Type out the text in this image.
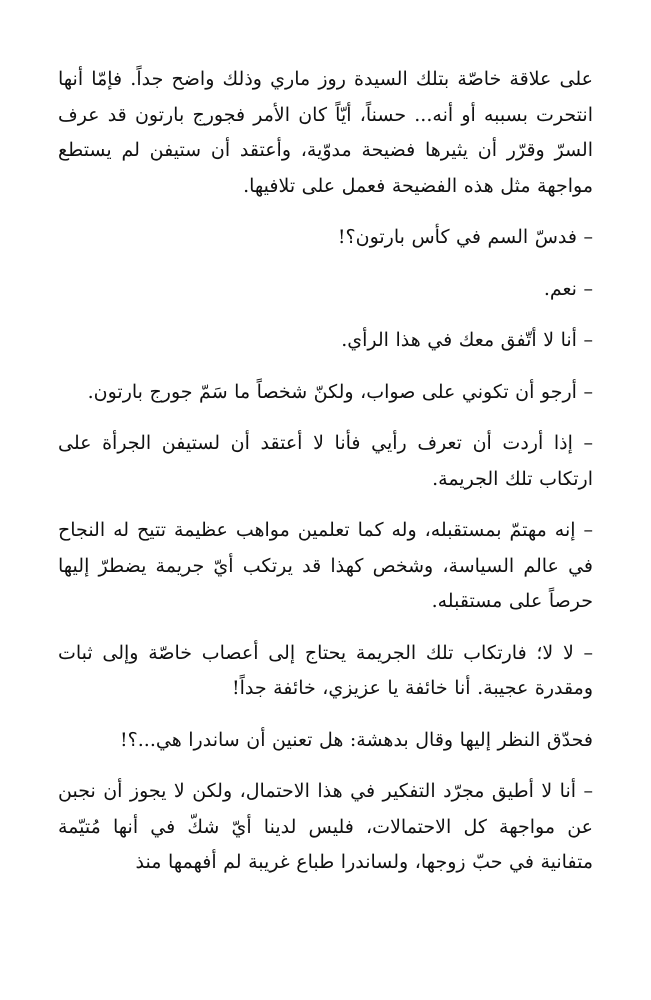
على علاقة خاصّة بتلك السيدة روز ماري وذلك واضح جداً. فإمّا أنها انتحرت بسببه أو أنه... حسناً، أيّاً كان الأمر فجورج بارتون قد عرف السرّ وقرّر أن يثيرها فضيحة مدوّية، وأعتقد أن ستيفن لم يستطع مواجهة مثل هذه الفضيحة فعمل على تلافيها.

– فدسّ السم في كأس بارتون؟!

– نعم.

– أنا لا أتّفق معك في هذا الرأي.

– أرجو أن تكوني على صواب، ولكنّ شخصاً ما سَمّ جورج بارتون.

– إذا أردت أن تعرف رأيي فأنا لا أعتقد أن لستيفن الجرأة على ارتكاب تلك الجريمة.

– إنه مهتمّ بمستقبله، وله كما تعلمين مواهب عظيمة تتيح له النجاح في عالم السياسة، وشخص كهذا قد يرتكب أيّ جريمة يضطرّ إليها حرصاً على مستقبله.

– لا لا؛ فارتكاب تلك الجريمة يحتاج إلى أعصاب خاصّة وإلى ثبات ومقدرة عجيبة. أنا خائفة يا عزيزي، خائفة جداً!

فحدّق النظر إليها وقال بدهشة: هل تعنين أن ساندرا هي...؟!

– أنا لا أطيق مجرّد التفكير في هذا الاحتمال، ولكن لا يجوز أن نجبن عن مواجهة كل الاحتمالات، فليس لدينا أيّ شكّ في أنها مُتيّمة متفانية في حبّ زوجها، ولساندرا طباع غريبة لم أفهمها منذ
